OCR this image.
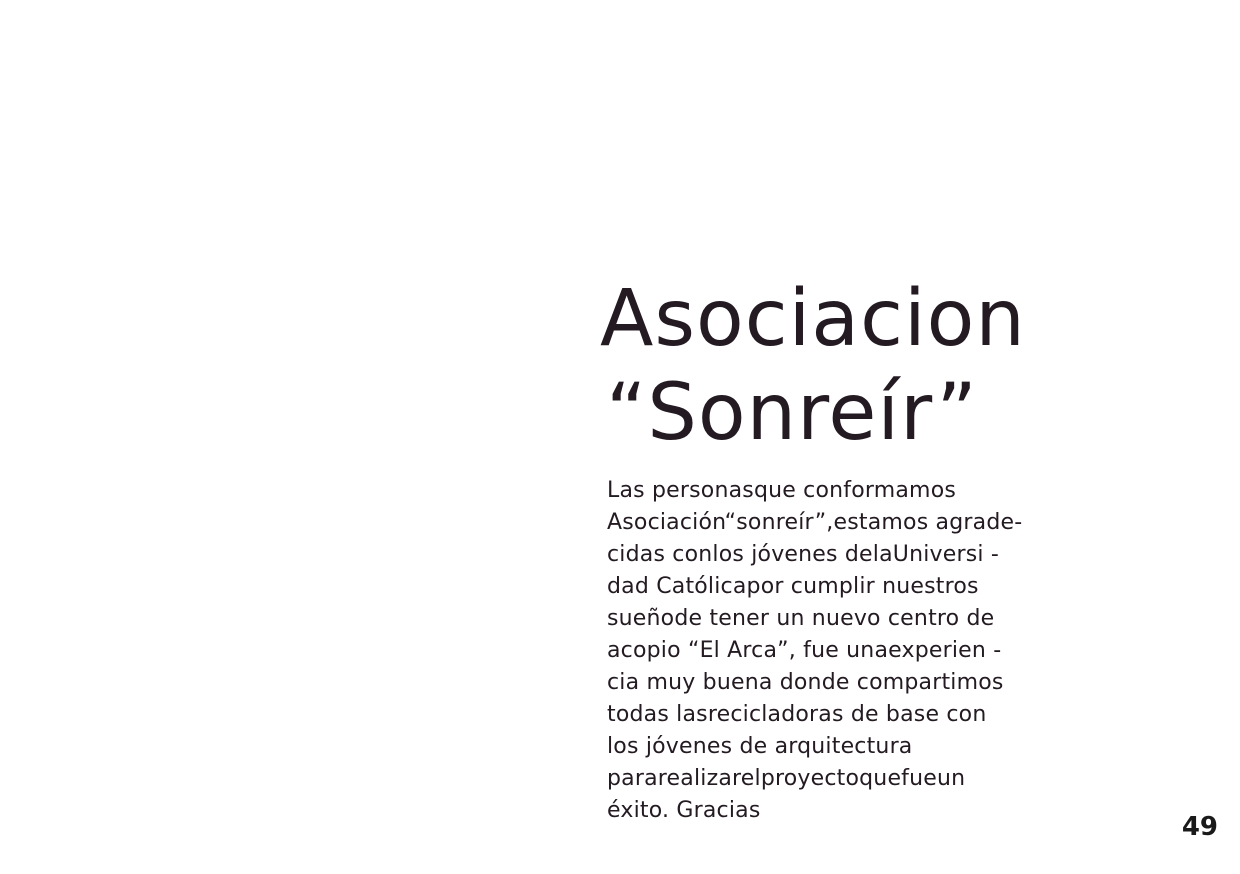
Asociacion
“Sonreír”
Las personasque conformamos
Asociación“sonreír”,estamos agrade-
cidas conlos jóvenes delaUniversi -
dad Católicapor cumplir nuestros
sueñode tener un nuevo centro de
acopio “El Arca”, fue unaexperien -
cia muy buena donde compartimos
todas lasrecicladoras de base con
los jóvenes de arquitectura
pararealizarelproyectoquefueun
éxito. Gracias
49
